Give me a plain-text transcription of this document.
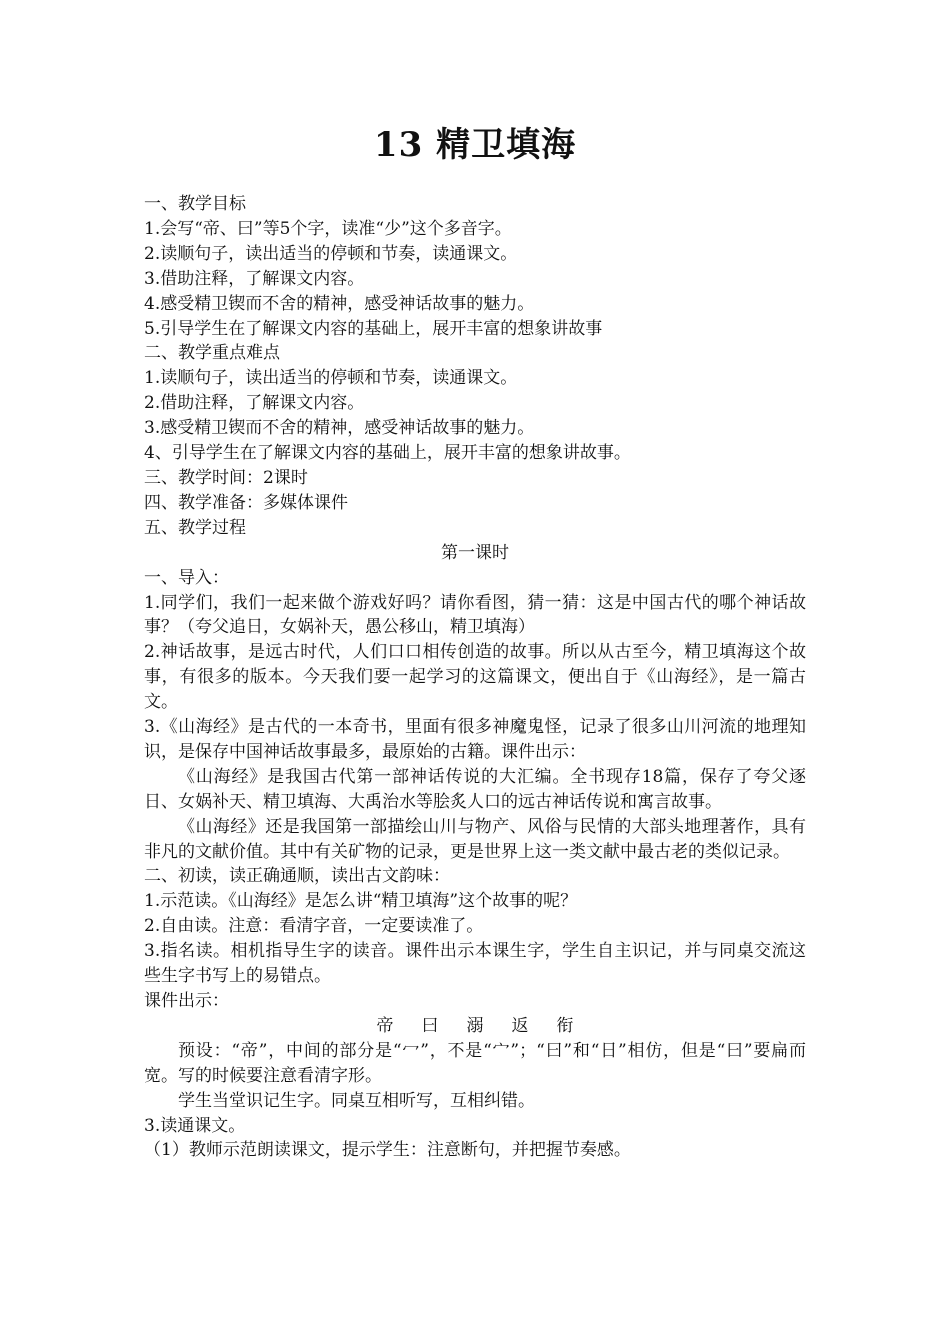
13 精卫填海
一、教学目标
1.会写“帝、曰”等5个字，读准“少”这个多音字。
2.读顺句子，读出适当的停顿和节奏，读通课文。
3.借助注释，了解课文内容。
4.感受精卫锲而不舍的精神，感受神话故事的魅力。
5.引导学生在了解课文内容的基础上，展开丰富的想象讲故事
二、教学重点难点
1.读顺句子，读出适当的停顿和节奏，读通课文。
2.借助注释，了解课文内容。
3.感受精卫锲而不舍的精神，感受神话故事的魅力。
4、引导学生在了解课文内容的基础上，展开丰富的想象讲故事。
三、教学时间：2课时
四、教学准备：多媒体课件
五、教学过程
第一课时
一、导入：
1.同学们，我们一起来做个游戏好吗？请你看图，猜一猜：这是中国古代的哪个神话故事？（夸父追日，女娲补天，愚公移山，精卫填海）
2.神话故事，是远古时代，人们口口相传创造的故事。所以从古至今，精卫填海这个故事，有很多的版本。今天我们要一起学习的这篇课文，便出自于《山海经》，是一篇古文。
3.《山海经》是古代的一本奇书，里面有很多神魔鬼怪，记录了很多山川河流的地理知识，是保存中国神话故事最多，最原始的古籍。课件出示：
《山海经》是我国古代第一部神话传说的大汇编。全书现存18篇，保存了夸父逐日、女娲补天、精卫填海、大禹治水等脍炙人口的远古神话传说和寓言故事。
《山海经》还是我国第一部描绘山川与物产、风俗与民情的大部头地理著作，具有非凡的文献价值。其中有关矿物的记录，更是世界上这一类文献中最古老的类似记录。
二、初读，读正确通顺，读出古文韵味：
1.示范读。《山海经》是怎么讲“精卫填海”这个故事的呢？
2.自由读。注意：看清字音，一定要读准了。
3.指名读。相机指导生字的读音。课件出示本课生字，学生自主识记，并与同桌交流这些生字书写上的易错点。
课件出示：
帝 曰 溺 返 衔
预设：“帝”，中间的部分是“冖”，不是“宀”；“曰”和“日”相仿，但是“曰”要扁而宽。写的时候要注意看清字形。
学生当堂识记生字。同桌互相听写，互相纠错。
3.读通课文。
（1）教师示范朗读课文，提示学生：注意断句，并把握节奏感。
